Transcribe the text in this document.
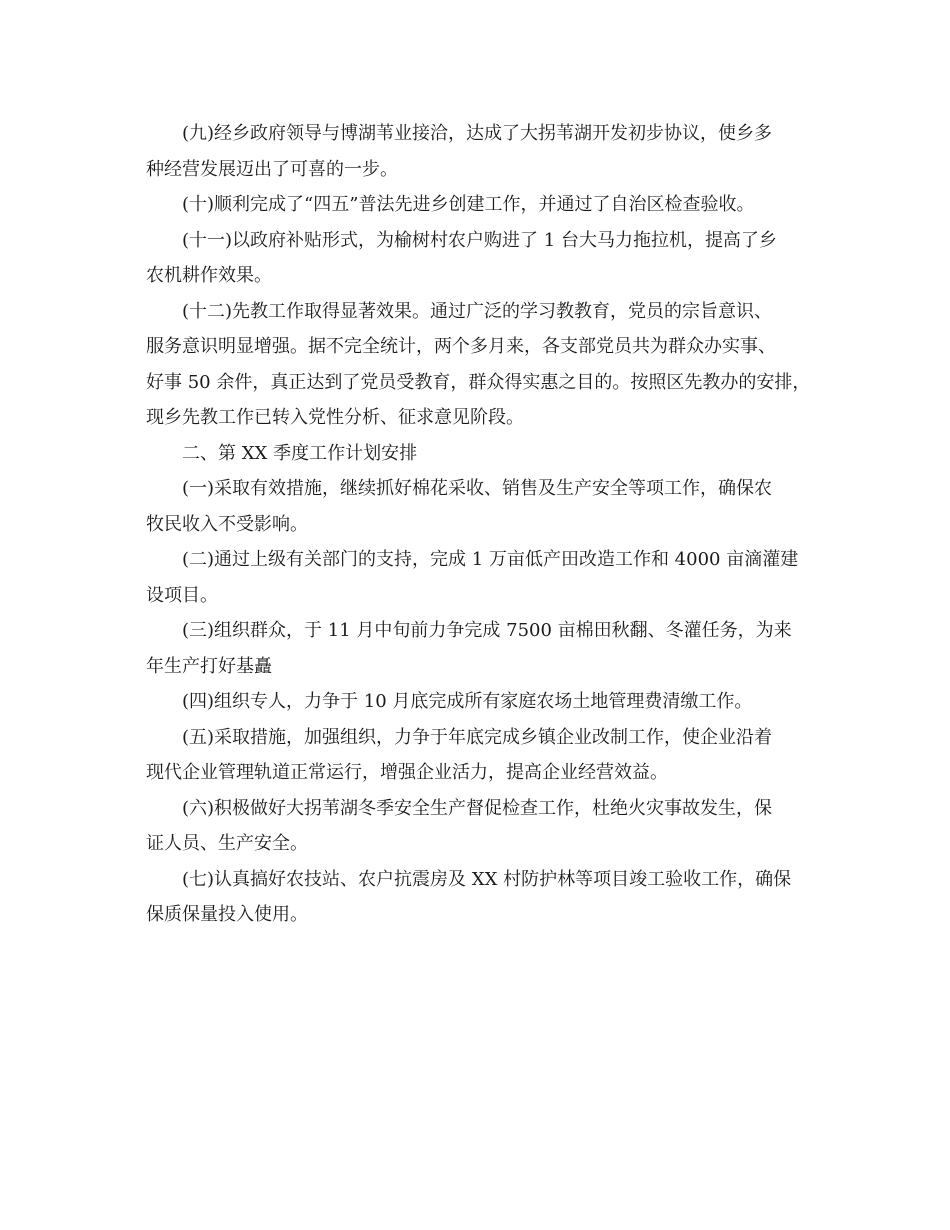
(九)经乡政府领导与博湖苇业接洽，达成了大拐苇湖开发初步协议，使乡多
种经营发展迈出了可喜的一步。

(十)顺利完成了“四五”普法先进乡创建工作，并通过了自治区检查验收。

(十一)以政府补贴形式，为榆树村农户购进了 1 台大马力拖拉机，提高了乡
农机耕作效果。

(十二)先教工作取得显著效果。通过广泛的学习教教育，党员的宗旨意识、
服务意识明显增强。据不完全统计，两个多月来，各支部党员共为群众办实事、
好事 50 余件，真正达到了党员受教育，群众得实惠之目的。按照区先教办的安排，
现乡先教工作已转入党性分析、征求意见阶段。

二、第 XX 季度工作计划安排

(一)采取有效措施，继续抓好棉花采收、销售及生产安全等项工作，确保农
牧民收入不受影响。

(二)通过上级有关部门的支持，完成 1 万亩低产田改造工作和 4000 亩滴灌建
设项目。

(三)组织群众，于 11 月中旬前力争完成 7500 亩棉田秋翻、冬灌任务，为来
年生产打好基矗

(四)组织专人，力争于 10 月底完成所有家庭农场土地管理费清缴工作。

(五)采取措施，加强组织，力争于年底完成乡镇企业改制工作，使企业沿着
现代企业管理轨道正常运行，增强企业活力，提高企业经营效益。

(六)积极做好大拐苇湖冬季安全生产督促检查工作，杜绝火灾事故发生，保
证人员、生产安全。

(七)认真搞好农技站、农户抗震房及 XX 村防护林等项目竣工验收工作，确保
保质保量投入使用。
